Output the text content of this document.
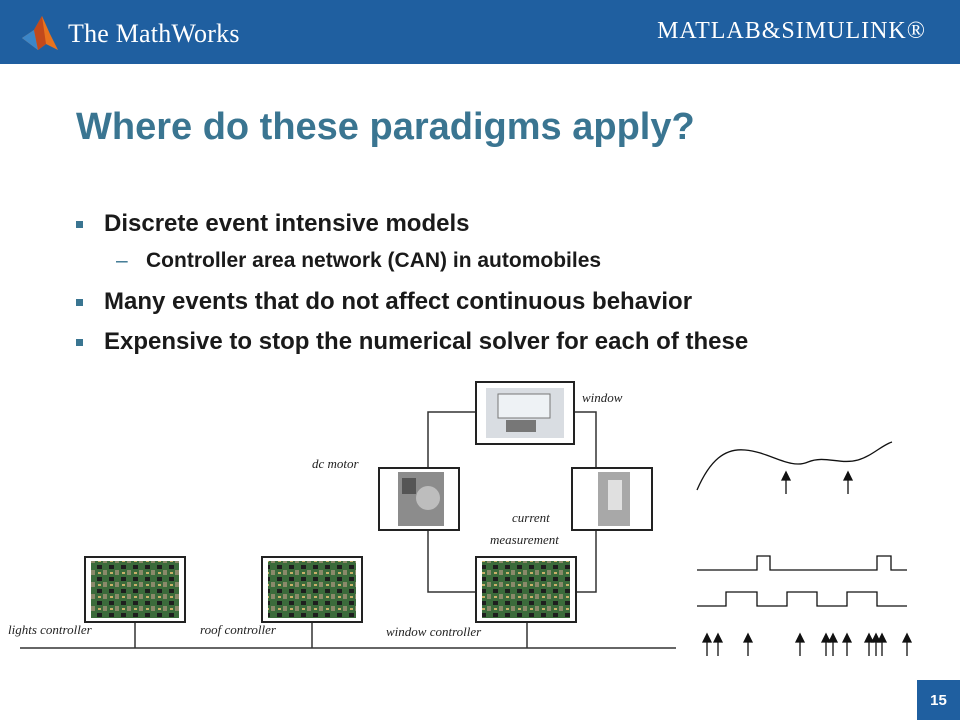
The MathWorks	MATLAB&SIMULINK®
Where do these paradigms apply?
Discrete event intensive models
– Controller area network (CAN) in automobiles
Many events that do not affect continuous behavior
Expensive to stop the numerical solver for each of these
window
dc motor
current
measurement
lights controller	roof controller	window controller
15
